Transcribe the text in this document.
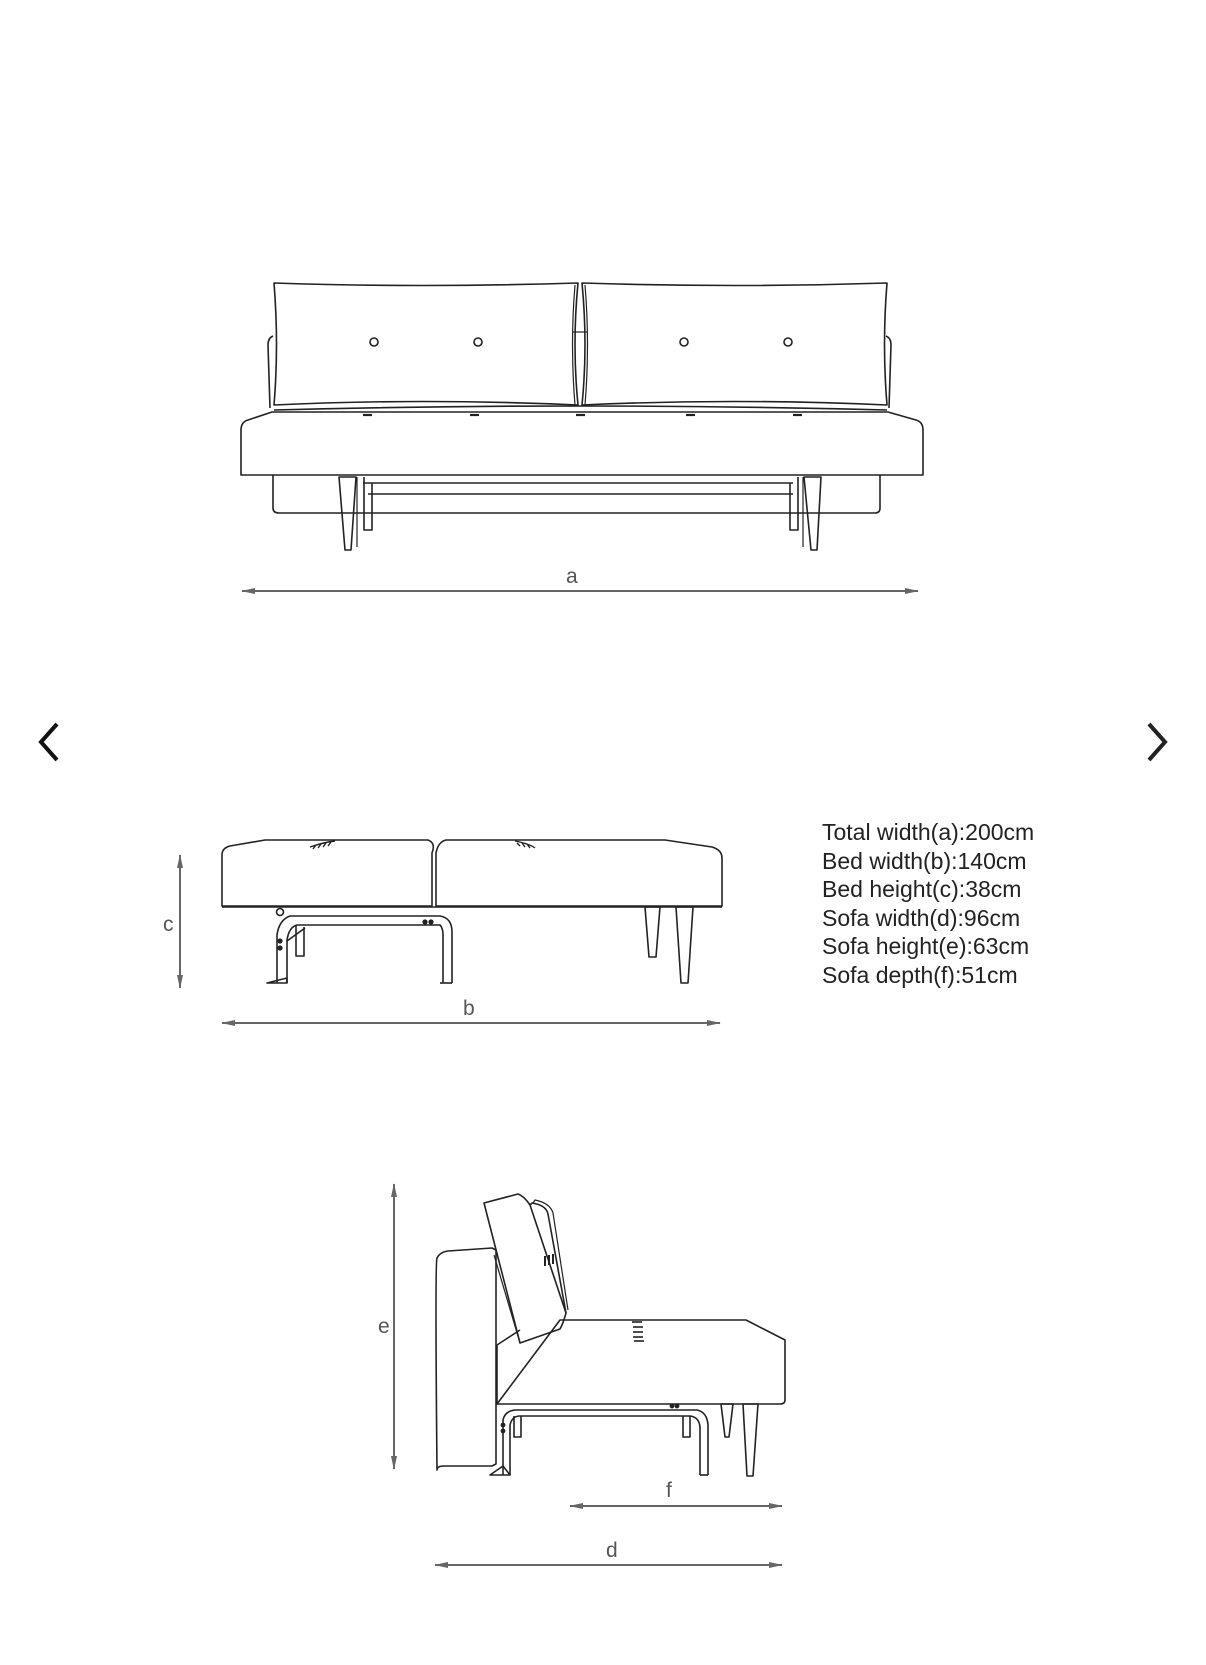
a
b
c
e
f
d
Total width(a):200cm
Bed width(b):140cm
Bed height(c):38cm
Sofa width(d):96cm
Sofa height(e):63cm
Sofa depth(f):51cm
